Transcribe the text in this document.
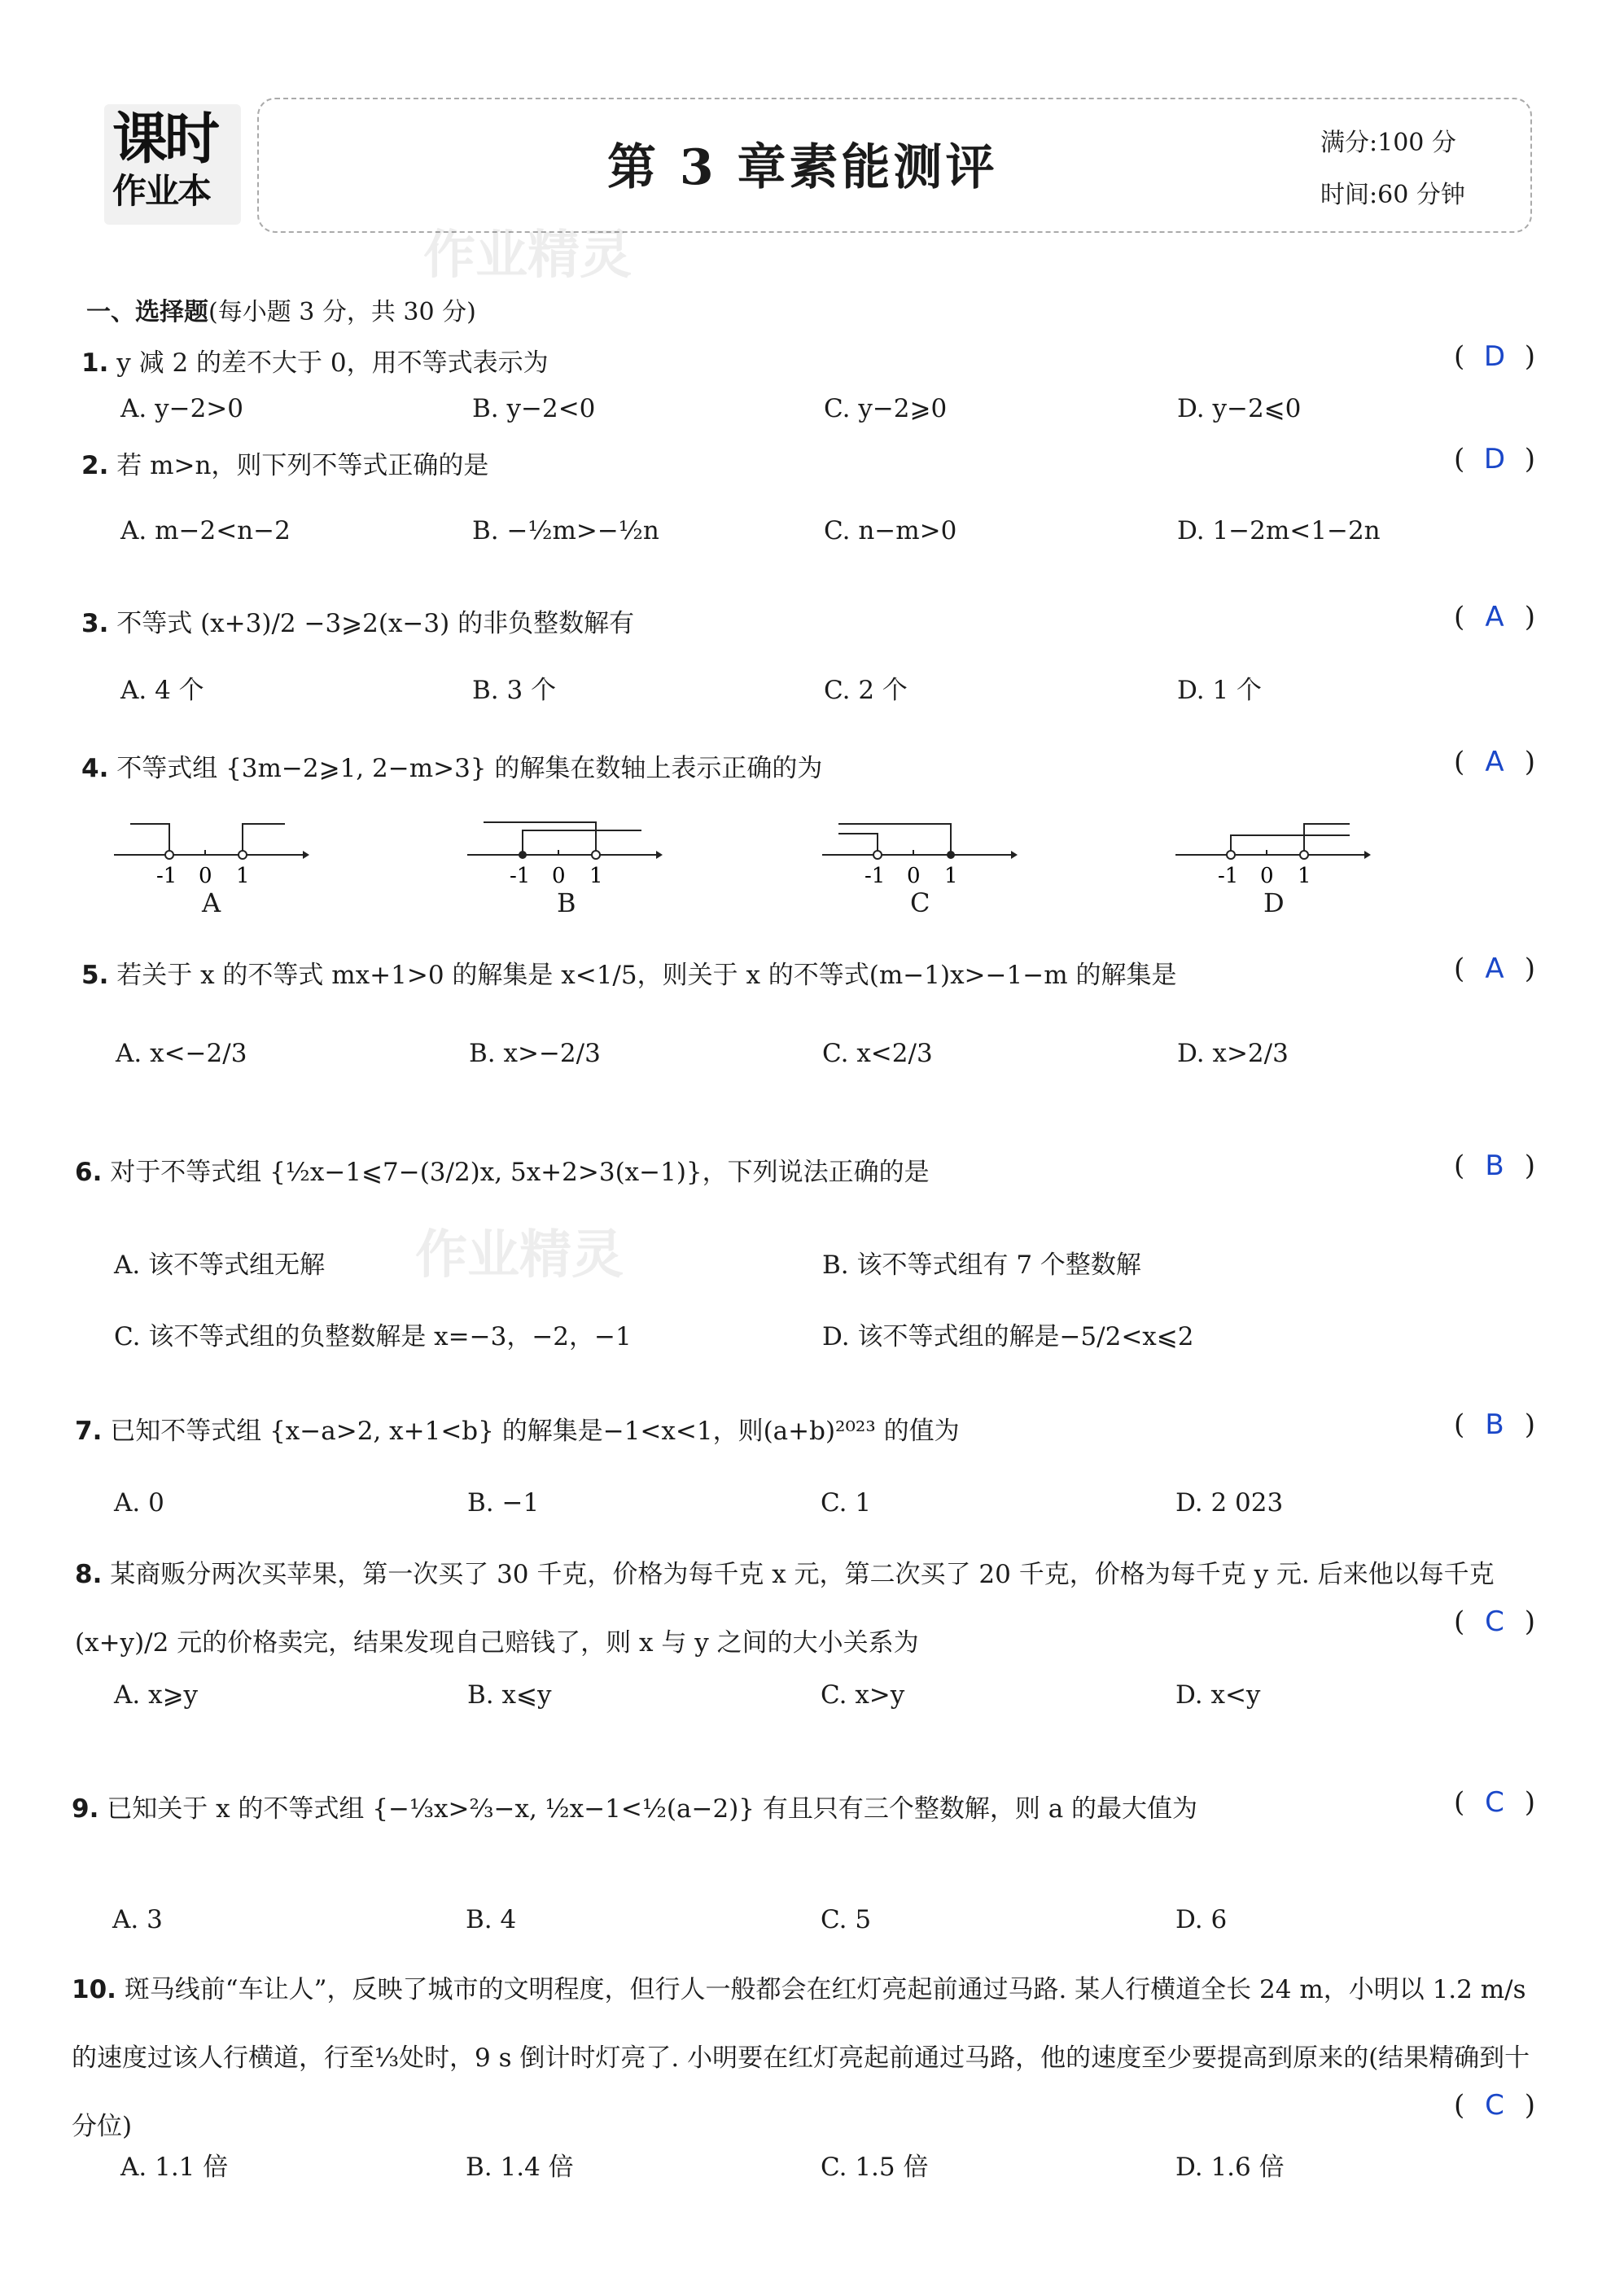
课时
作业本	第 3 章素能测评	满分:100 分
时间:60 分钟
作业精灵
作业精灵
一、选择题(每小题 3 分，共 30 分)
1. y 减 2 的差不大于 0，用不等式表示为	( D )
A. y−2>0	B. y−2<0	C. y−2⩾0	D. y−2⩽0
2. 若 m>n，则下列不等式正确的是	( D )
A. m−2<n−2	B. −½m>−½n	C. n−m>0	D. 1−2m<1−2n
3. 不等式 (x+3)/2 −3⩾2(x−3) 的非负整数解有	( A )
A. 4 个	B. 3 个	C. 2 个	D. 1 个
4. 不等式组 {3m−2⩾1, 2−m>3} 的解集在数轴上表示正确的为	( A )
-1 0 1
A
-1 0 1
B
-1 0 1
C
-1 0 1
D
5. 若关于 x 的不等式 mx+1>0 的解集是 x<1/5，则关于 x 的不等式(m−1)x>−1−m 的解集是	( A )
A. x<−2/3	B. x>−2/3	C. x<2/3	D. x>2/3
6. 对于不等式组 {½x−1⩽7−(3/2)x, 5x+2>3(x−1)}，下列说法正确的是	( B )
A. 该不等式组无解	B. 该不等式组有 7 个整数解
C. 该不等式组的负整数解是 x=−3，−2，−1	D. 该不等式组的解是−5/2<x⩽2
7. 已知不等式组 {x−a>2, x+1<b} 的解集是−1<x<1，则(a+b)²⁰²³ 的值为	( B )
A. 0	B. −1	C. 1	D. 2 023
8. 某商贩分两次买苹果，第一次买了 30 千克，价格为每千克 x 元，第二次买了 20 千克，价格为每千克 y 元. 后来他以每千克 (x+y)/2 元的价格卖完，结果发现自己赔钱了，则 x 与 y 之间的大小关系为
( C )
A. x⩾y	B. x⩽y	C. x>y	D. x<y
9. 已知关于 x 的不等式组 {−⅓x>⅔−x, ½x−1<½(a−2)} 有且只有三个整数解，则 a 的最大值为	( C )
A. 3	B. 4	C. 5	D. 6
10. 斑马线前“车让人”，反映了城市的文明程度，但行人一般都会在红灯亮起前通过马路. 某人行横道全长 24 m，小明以 1.2 m/s 的速度过该人行横道，行至⅓处时，9 s 倒计时灯亮了. 小明要在红灯亮起前通过马路，他的速度至少要提高到原来的(结果精确到十分位)
( C )
A. 1.1 倍	B. 1.4 倍	C. 1.5 倍	D. 1.6 倍
